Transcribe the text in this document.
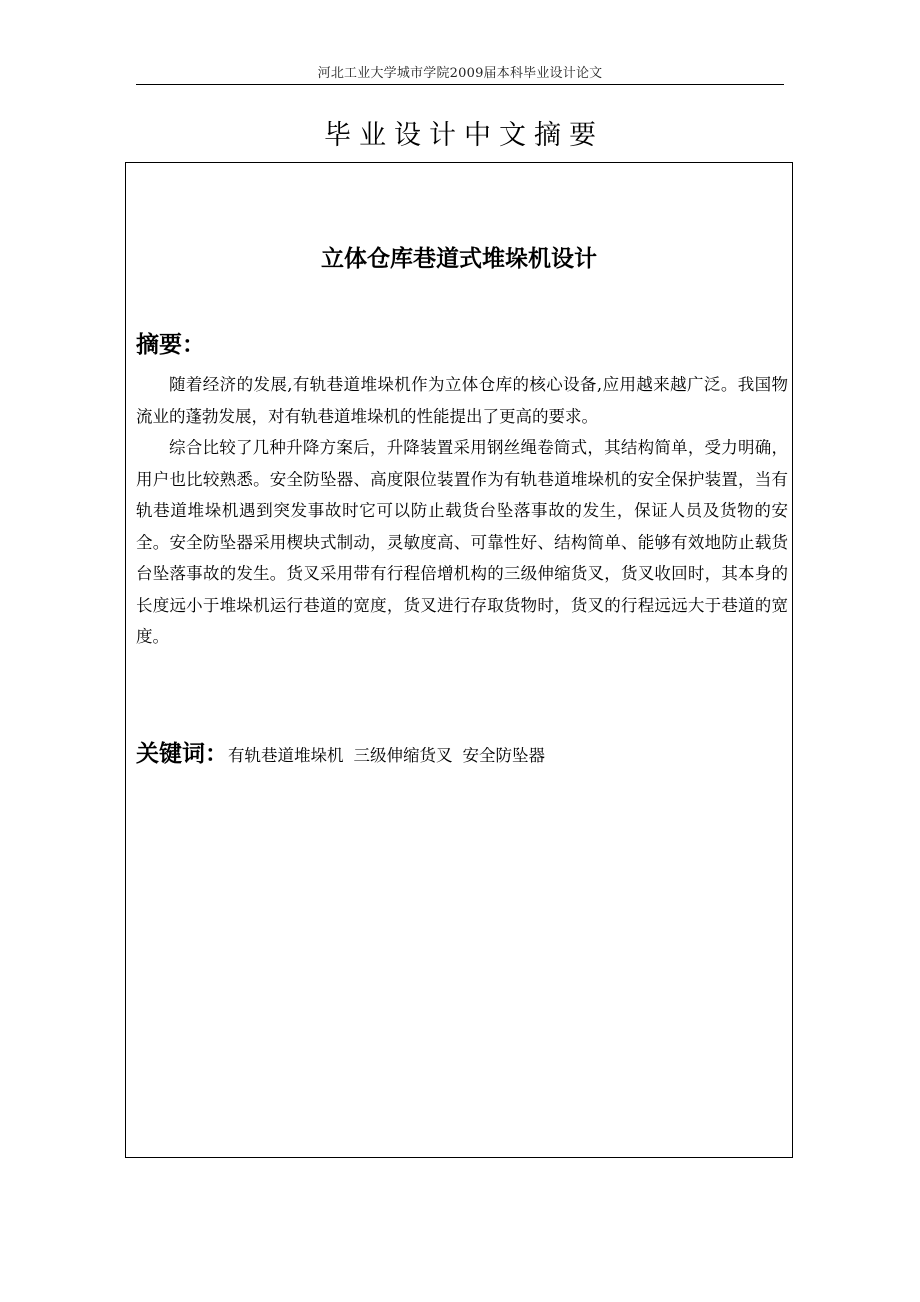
河北工业大学城市学院2009届本科毕业设计论文
毕业设计中文摘要
立体仓库巷道式堆垛机设计
摘要：

随着经济的发展,有轨巷道堆垛机作为立体仓库的核心设备,应用越来越广泛。我国物流业的蓬勃发展，对有轨巷道堆垛机的性能提出了更高的要求。

综合比较了几种升降方案后，升降装置采用钢丝绳卷筒式，其结构简单，受力明确，用户也比较熟悉。安全防坠器、高度限位装置作为有轨巷道堆垛机的安全保护装置，当有轨巷道堆垛机遇到突发事故时它可以防止载货台坠落事故的发生，保证人员及货物的安全。安全防坠器采用楔块式制动，灵敏度高、可靠性好、结构简单、能够有效地防止载货台坠落事故的发生。货叉采用带有行程倍增机构的三级伸缩货叉，货叉收回时，其本身的长度远小于堆垛机运行巷道的宽度，货叉进行存取货物时，货叉的行程远远大于巷道的宽度。

关键词：有轨巷道堆垛机 三级伸缩货叉 安全防坠器
